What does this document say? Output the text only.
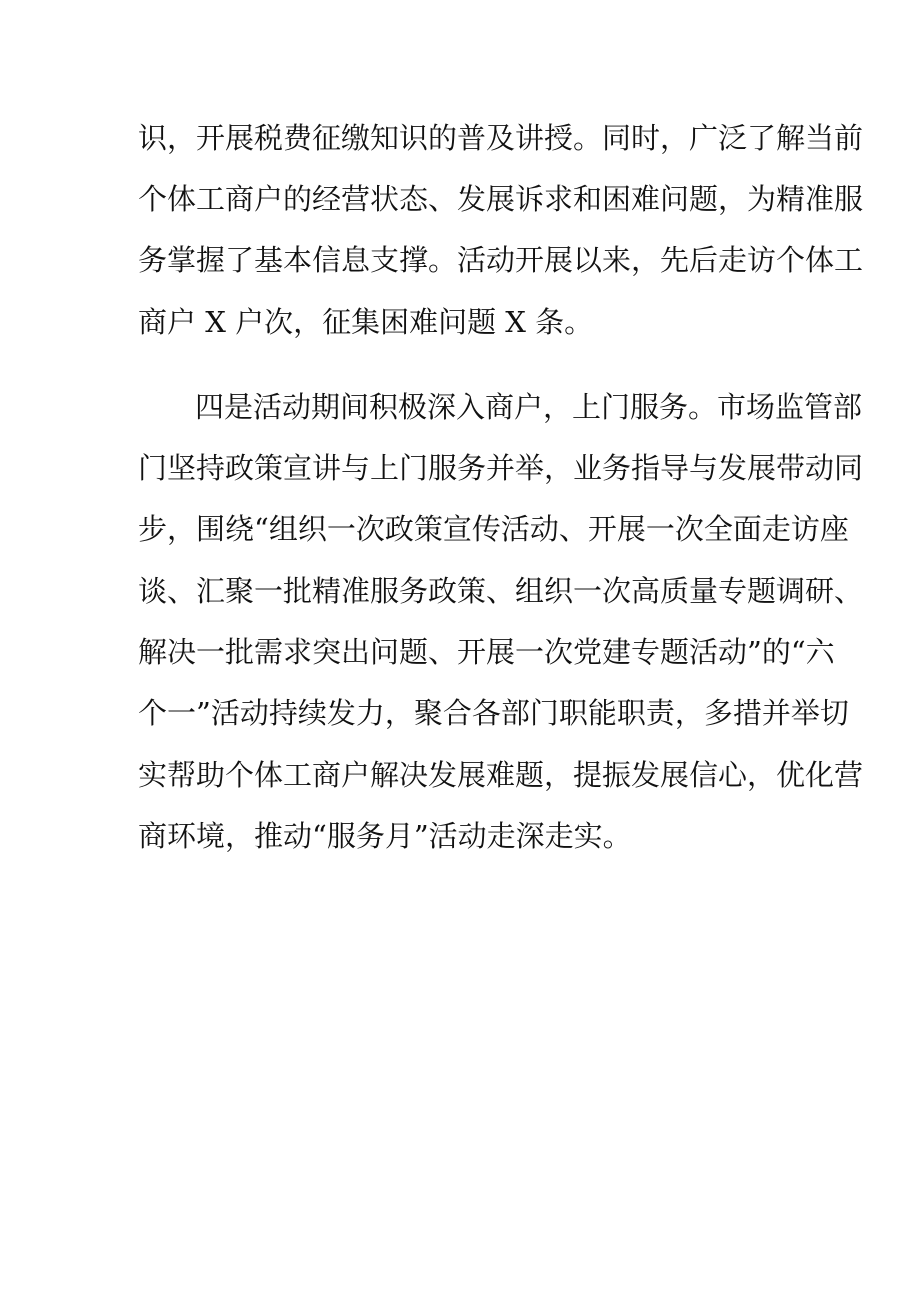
识，开展税费征缴知识的普及讲授。同时，广泛了解当前
个体工商户的经营状态、发展诉求和困难问题，为精准服
务掌握了基本信息支撑。活动开展以来，先后走访个体工
商户 X 户次，征集困难问题 X 条。
四是活动期间积极深入商户，上门服务。市场监管部
门坚持政策宣讲与上门服务并举，业务指导与发展带动同
步，围绕“组织一次政策宣传活动、开展一次全面走访座
谈、汇聚一批精准服务政策、组织一次高质量专题调研、
解决一批需求突出问题、开展一次党建专题活动”的“六
个一”活动持续发力，聚合各部门职能职责，多措并举切
实帮助个体工商户解决发展难题，提振发展信心，优化营
商环境，推动“服务月”活动走深走实。
